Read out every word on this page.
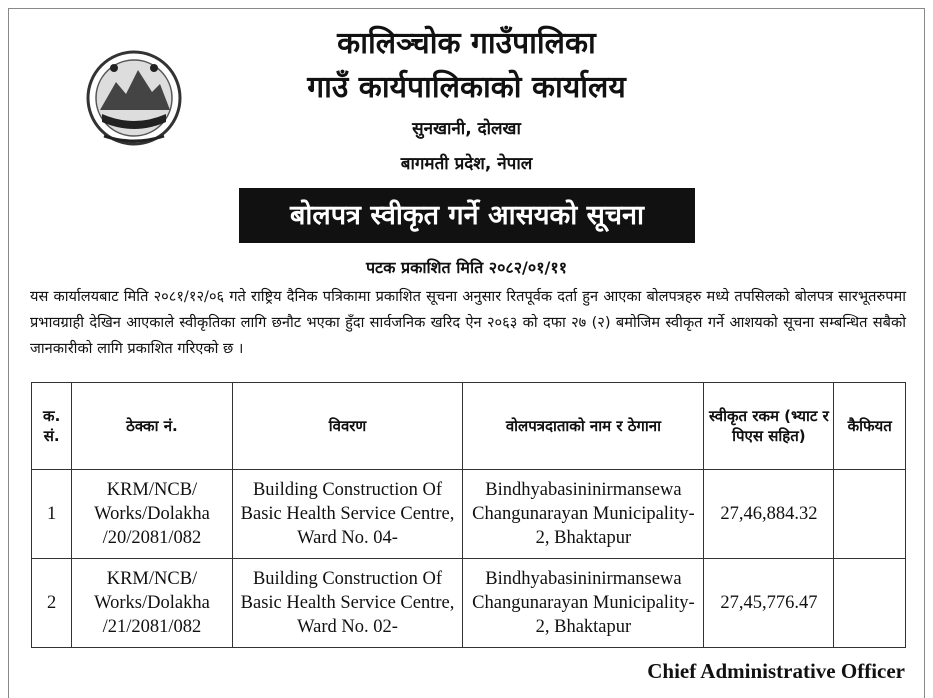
कालिञ्चोक गाउँपालिका
गाउँ कार्यपालिकाको कार्यालय
सुनखानी, दोलखा
बागमती प्रदेश, नेपाल
बोलपत्र स्वीकृत गर्ने आसयको सूचना
पटक प्रकाशित मिति २०८२/०१/११
यस कार्यालयबाट मिति २०८१/१२/०६ गते राष्ट्रिय दैनिक पत्रिकामा प्रकाशित सूचना अनुसार रितपूर्वक दर्ता हुन आएका बोलपत्रहरु मध्ये तपसिलको बोलपत्र सारभूतरुपमा प्रभावग्राही देखिन आएकाले स्वीकृतिका लागि छनौट भएका हुँदा सार्वजनिक खरिद ऐन २०६३ को दफा २७ (२) बमोजिम स्वीकृत गर्ने आशयको सूचना सम्बन्धित सबैको जानकारीको लागि प्रकाशित गरिएको छ ।
क. सं.	ठेक्का नं.	विवरण	वोलपत्रदाताको नाम र ठेगाना	स्वीकृत रकम (भ्याट र पिएस सहित)	कैफियत
1	KRM/NCB/ Works/Dolakha /20/2081/082	Building Construction Of Basic Health Service Centre, Ward No. 04-	Bindhyabasininirmansewa Changunarayan Municipality-2, Bhaktapur	27,46,884.32	
2	KRM/NCB/ Works/Dolakha /21/2081/082	Building Construction Of Basic Health Service Centre, Ward No. 02-	Bindhyabasininirmansewa Changunarayan Municipality-2, Bhaktapur	27,45,776.47	
Chief Administrative Officer
